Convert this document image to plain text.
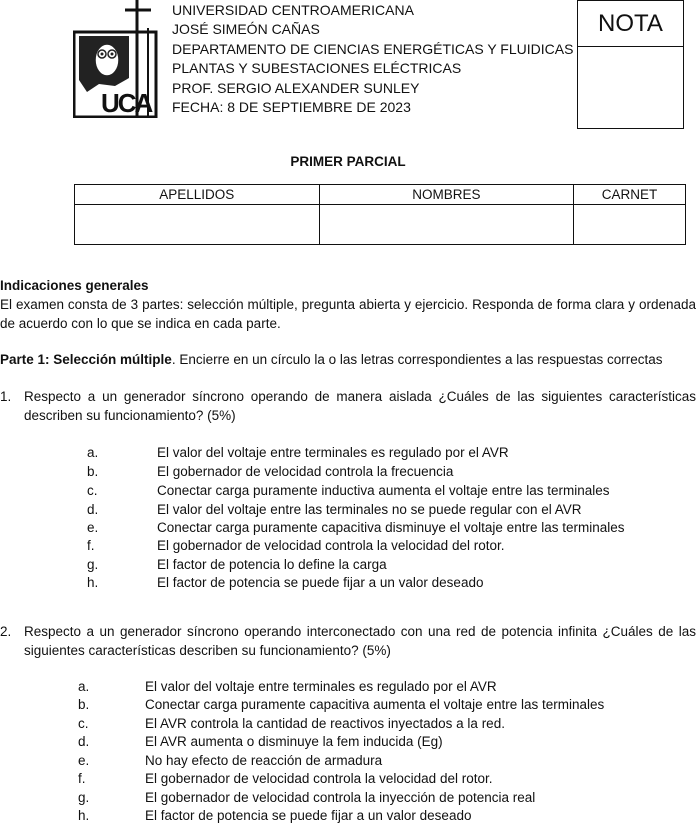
UCA
UNIVERSIDAD CENTROAMERICANA
JOSÉ SIMEÓN CAÑAS
DEPARTAMENTO DE CIENCIAS ENERGÉTICAS Y FLUIDICAS
PLANTAS Y SUBESTACIONES ELÉCTRICAS
PROF. SERGIO ALEXANDER SUNLEY
FECHA: 8 DE SEPTIEMBRE DE 2023
NOTA
PRIMER PARCIAL
APELLIDOS	NOMBRES	CARNET

Indicaciones generales
El examen consta de 3 partes: selección múltiple, pregunta abierta y ejercicio. Responda de forma clara y ordenada
de acuerdo con lo que se indica en cada parte.
Parte 1: Selección múltiple. Encierre en un círculo la o las letras correspondientes a las respuestas correctas
1. Respecto a un generador síncrono operando de manera aislada ¿Cuáles de las siguientes características
describen su funcionamiento? (5%)
a.	El valor del voltaje entre terminales es regulado por el AVR
b.	El gobernador de velocidad controla la frecuencia
c.	Conectar carga puramente inductiva aumenta el voltaje entre las terminales
d.	El valor del voltaje entre las terminales no se puede regular con el AVR
e.	Conectar carga puramente capacitiva disminuye el voltaje entre las terminales
f.	El gobernador de velocidad controla la velocidad del rotor.
g.	El factor de potencia lo define la carga
h.	El factor de potencia se puede fijar a un valor deseado
2. Respecto a un generador síncrono operando interconectado con una red de potencia infinita ¿Cuáles de las
siguientes características describen su funcionamiento? (5%)
a.	El valor del voltaje entre terminales es regulado por el AVR
b.	Conectar carga puramente capacitiva aumenta el voltaje entre las terminales
c.	El AVR controla la cantidad de reactivos inyectados a la red.
d.	El AVR aumenta o disminuye la fem inducida (Eg)
e.	No hay efecto de reacción de armadura
f.	El gobernador de velocidad controla la velocidad del rotor.
g.	El gobernador de velocidad controla la inyección de potencia real
h.	El factor de potencia se puede fijar a un valor deseado
